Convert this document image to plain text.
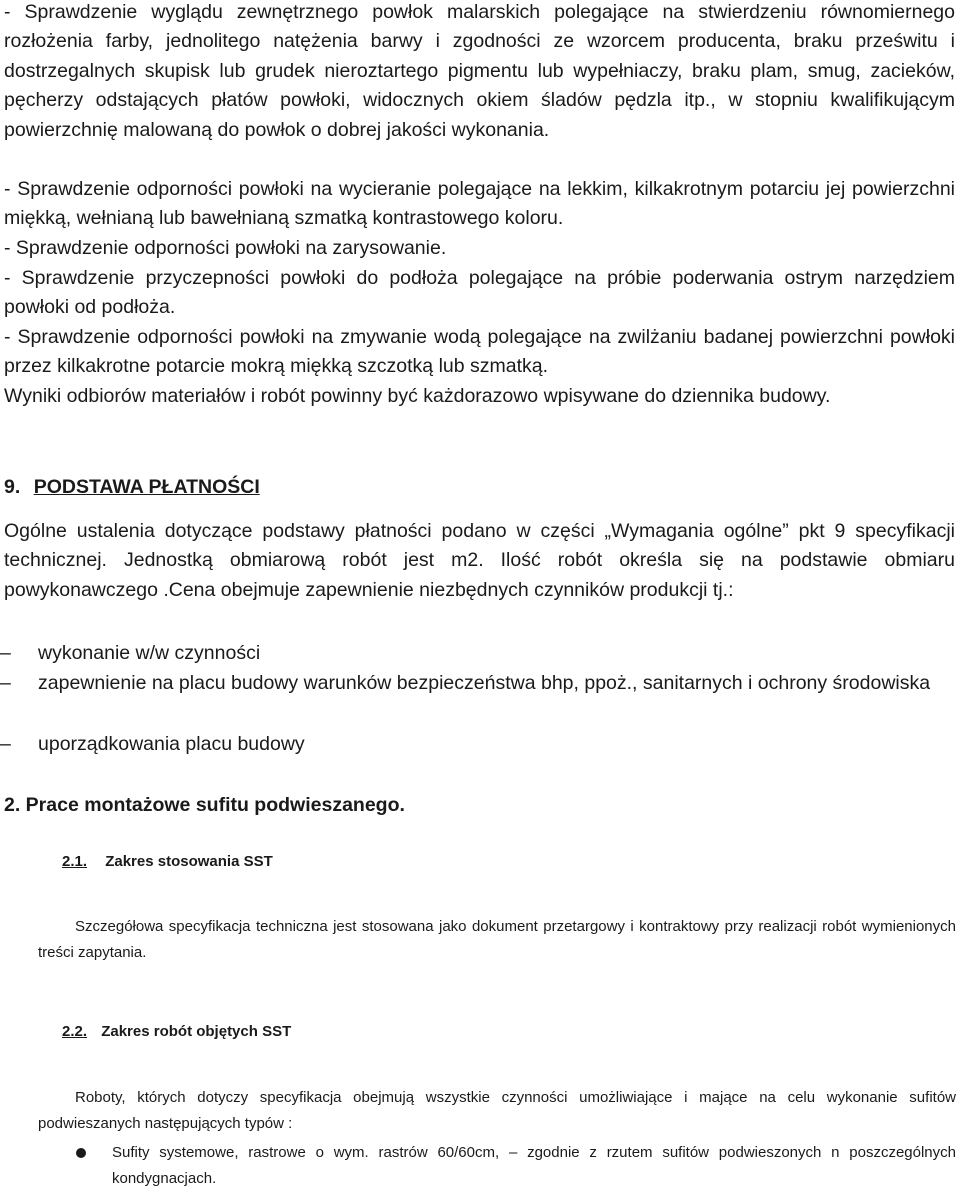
- Sprawdzenie wyglądu zewnętrznego powłok malarskich polegające na stwierdzeniu równomiernego rozłożenia farby, jednolitego natężenia barwy i zgodności ze wzorcem producenta, braku prześwitu i dostrzegalnych skupisk lub grudek nieroztartego pigmentu lub wypełniaczy, braku plam, smug, zacieków, pęcherzy odstających płatów powłoki, widocznych okiem śladów pędzla itp., w stopniu kwalifikującym powierzchnię malowaną do powłok o dobrej jakości wykonania.

- Sprawdzenie odporności powłoki na wycieranie polegające na lekkim, kilkakrotnym potarciu jej powierzchni miękką, wełnianą lub bawełnianą szmatką kontrastowego koloru.

- Sprawdzenie odporności powłoki na zarysowanie.

- Sprawdzenie przyczepności powłoki do podłoża polegające na próbie poderwania ostrym narzędziem powłoki od podłoża.

- Sprawdzenie odporności powłoki na zmywanie wodą polegające na zwilżaniu badanej powierzchni powłoki przez kilkakrotne potarcie mokrą miękką szczotką lub szmatką.

Wyniki odbiorów materiałów i robót powinny być każdorazowo wpisywane do dziennika budowy.

9. PODSTAWA PŁATNOŚCI

Ogólne ustalenia dotyczące podstawy płatności podano w części „Wymagania ogólne” pkt 9 specyfikacji technicznej. Jednostką obmiarową robót jest m2. Ilość robót określa się na podstawie obmiaru powykonawczego .Cena obejmuje zapewnienie niezbędnych czynników produkcji tj.:

–	wykonanie w/w czynności
–	zapewnienie na placu budowy warunków bezpieczeństwa bhp, ppoż., sanitarnych i ochrony środowiska
–	uporządkowania placu budowy
2. Prace montażowe sufitu podwieszanego.
2.1. Zakres stosowania SST

Szczegółowa specyfikacja techniczna jest stosowana jako dokument przetargowy i kontraktowy przy realizacji robót wymienionych treści zapytania.

2.2. Zakres robót objętych SST

Roboty, których dotyczy specyfikacja obejmują wszystkie czynności umożliwiające i mające na celu wykonanie sufitów podwieszanych następujących typów :

Sufity systemowe, rastrowe o wym. rastrów 60/60cm, – zgodnie z rzutem sufitów podwieszonych n poszczególnych kondygnacjach.
